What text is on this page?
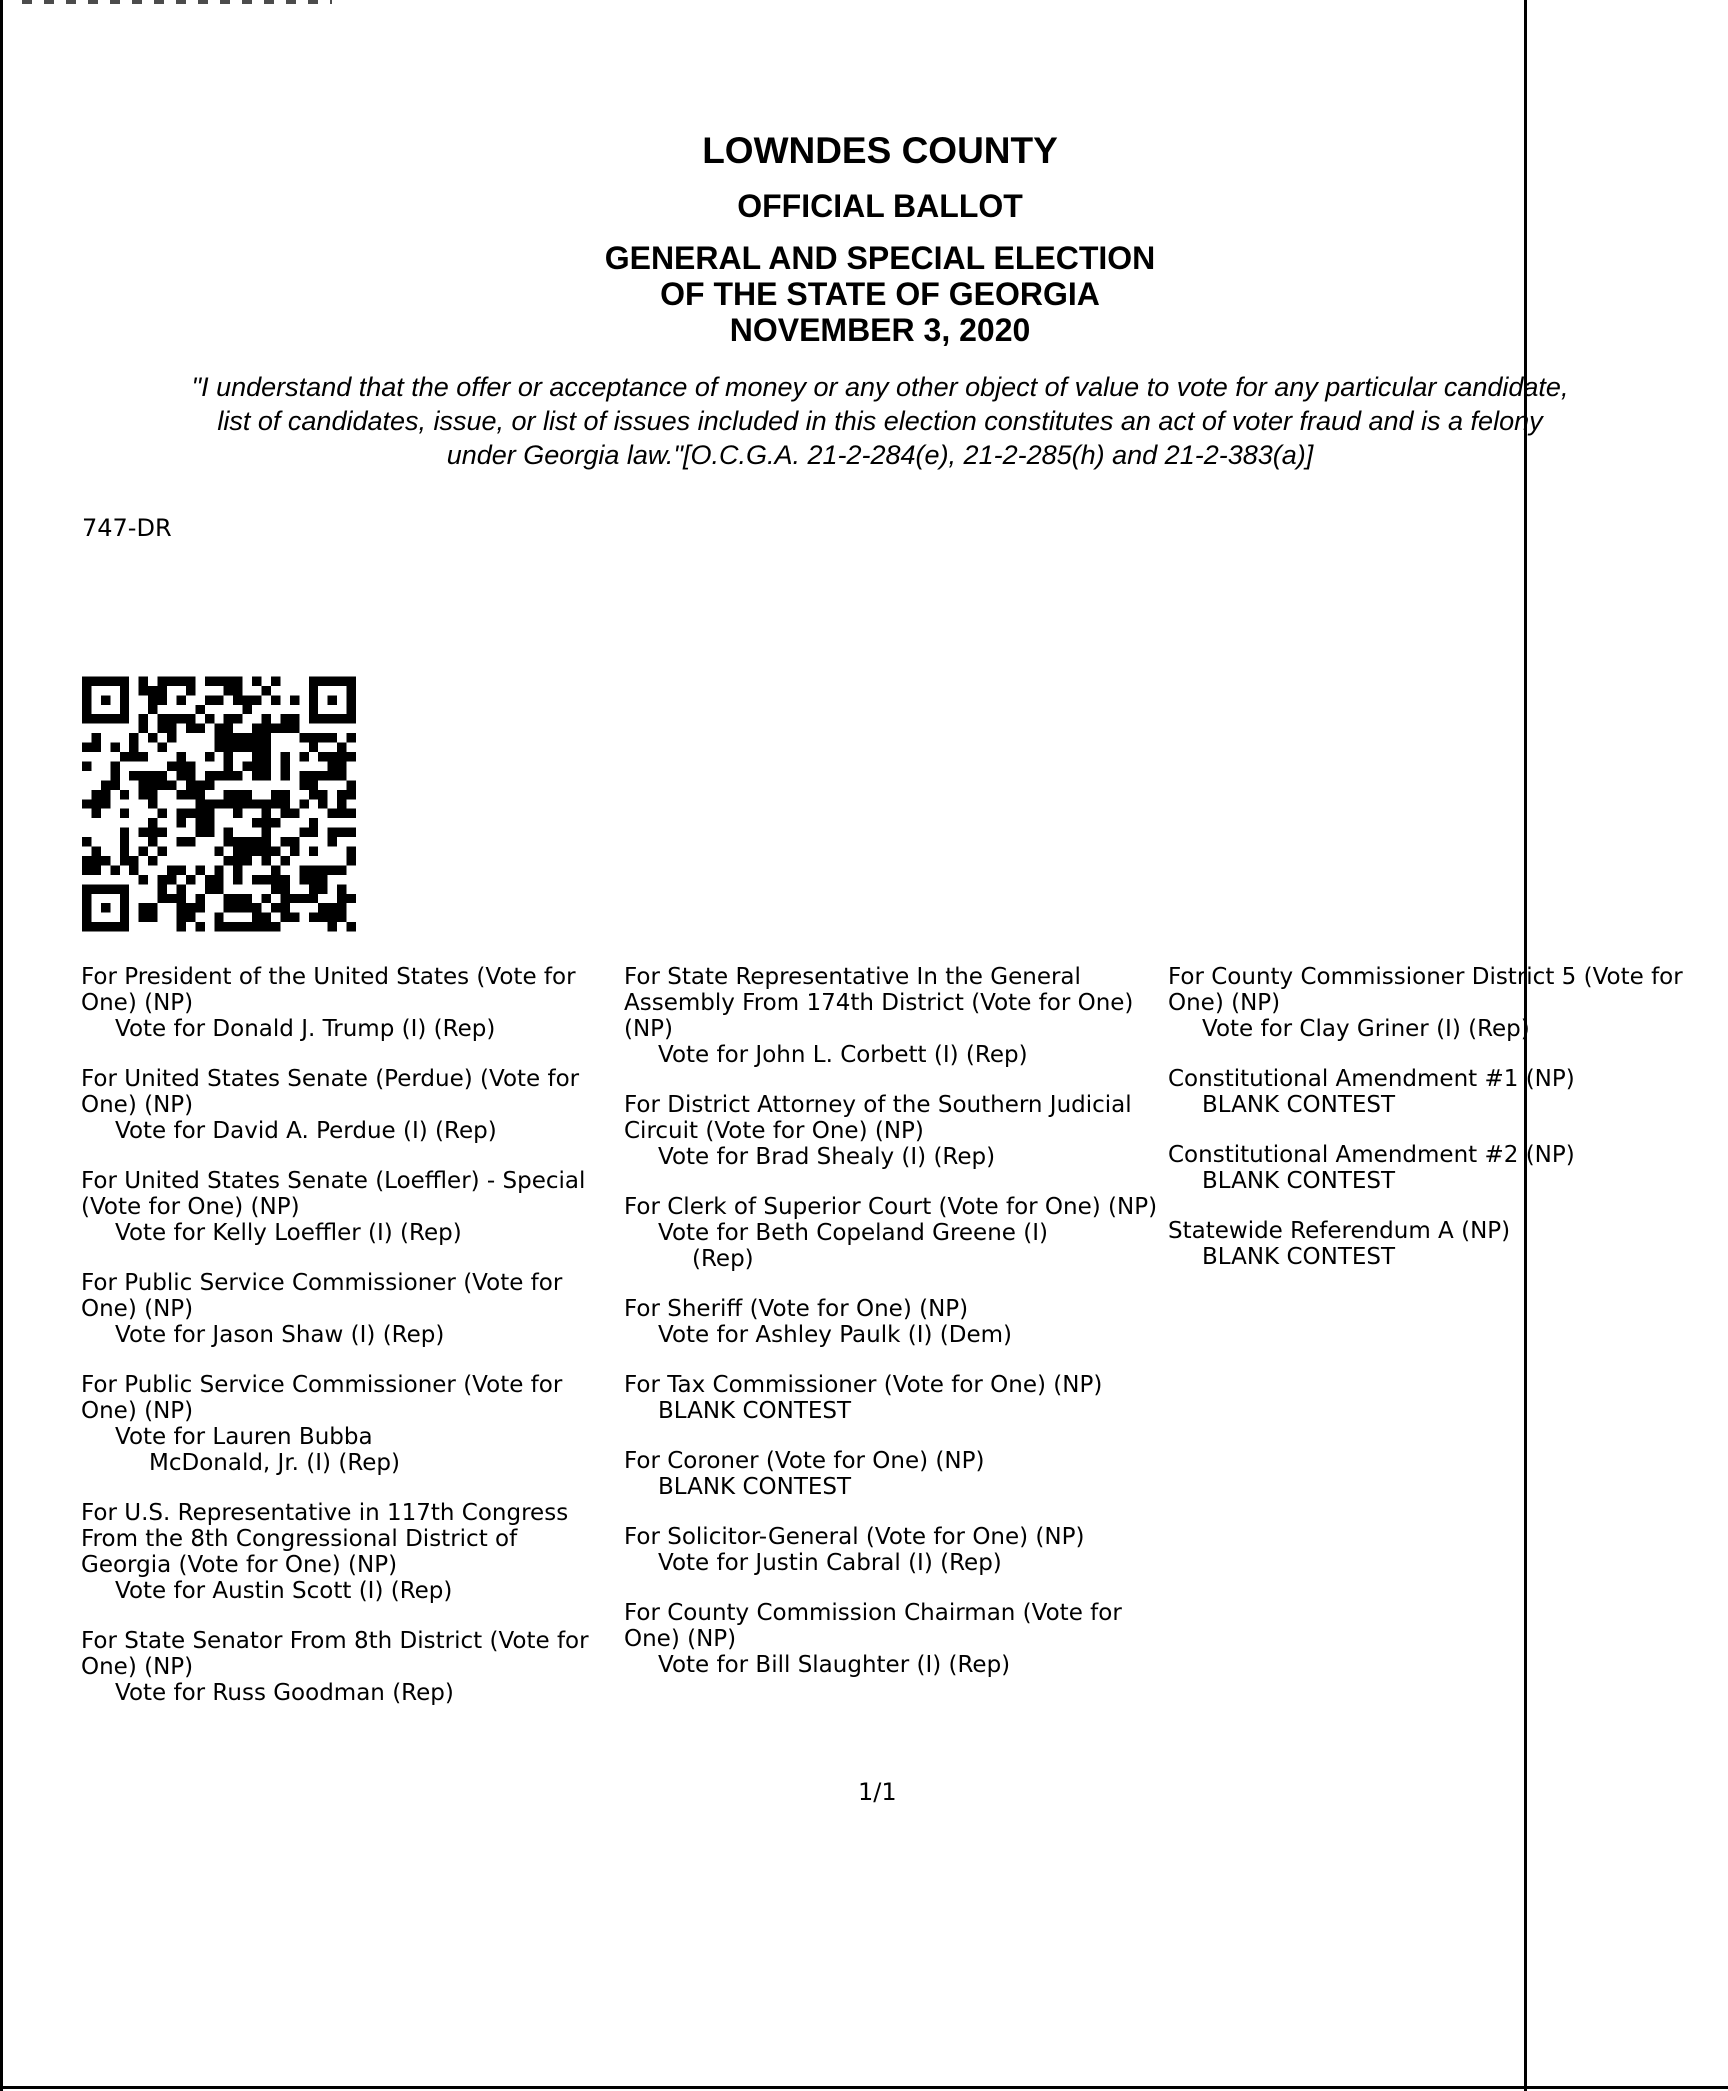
LOWNDES COUNTY
OFFICIAL BALLOT
GENERAL AND SPECIAL ELECTION
OF THE STATE OF GEORGIA
NOVEMBER 3, 2020
"I understand that the offer or acceptance of money or any other object of value to vote for any particular candidate,
list of candidates, issue, or list of issues included in this election constitutes an act of voter fraud and is a felony
under Georgia law."[O.C.G.A. 21-2-284(e), 21-2-285(h) and 21-2-383(a)]
747-DR
For President of the United States (Vote for One) (NP)
Vote for Donald J. Trump (I) (Rep)
For United States Senate (Perdue) (Vote for One) (NP)
Vote for David A. Perdue (I) (Rep)
For United States Senate (Loeffler) - Special (Vote for One) (NP)
Vote for Kelly Loeffler (I) (Rep)
For Public Service Commissioner (Vote for One) (NP)
Vote for Jason Shaw (I) (Rep)
For Public Service Commissioner (Vote for One) (NP)
Vote for Lauren Bubba
McDonald, Jr. (I) (Rep)
For U.S. Representative in 117th Congress From the 8th Congressional District of Georgia (Vote for One) (NP)
Vote for Austin Scott (I) (Rep)
For State Senator From 8th District (Vote for One) (NP)
Vote for Russ Goodman (Rep)
For State Representative In the General Assembly From 174th District (Vote for One) (NP)
Vote for John L. Corbett (I) (Rep)
For District Attorney of the Southern Judicial Circuit (Vote for One) (NP)
Vote for Brad Shealy (I) (Rep)
For Clerk of Superior Court (Vote for One) (NP)
Vote for Beth Copeland Greene (I)
(Rep)
For Sheriff (Vote for One) (NP)
Vote for Ashley Paulk (I) (Dem)
For Tax Commissioner (Vote for One) (NP)
BLANK CONTEST
For Coroner (Vote for One) (NP)
BLANK CONTEST
For Solicitor-General (Vote for One) (NP)
Vote for Justin Cabral (I) (Rep)
For County Commission Chairman (Vote for One) (NP)
Vote for Bill Slaughter (I) (Rep)
For County Commissioner District 5 (Vote for One) (NP)
Vote for Clay Griner (I) (Rep)
Constitutional Amendment #1 (NP)
BLANK CONTEST
Constitutional Amendment #2 (NP)
BLANK CONTEST
Statewide Referendum A (NP)
BLANK CONTEST
1/1
